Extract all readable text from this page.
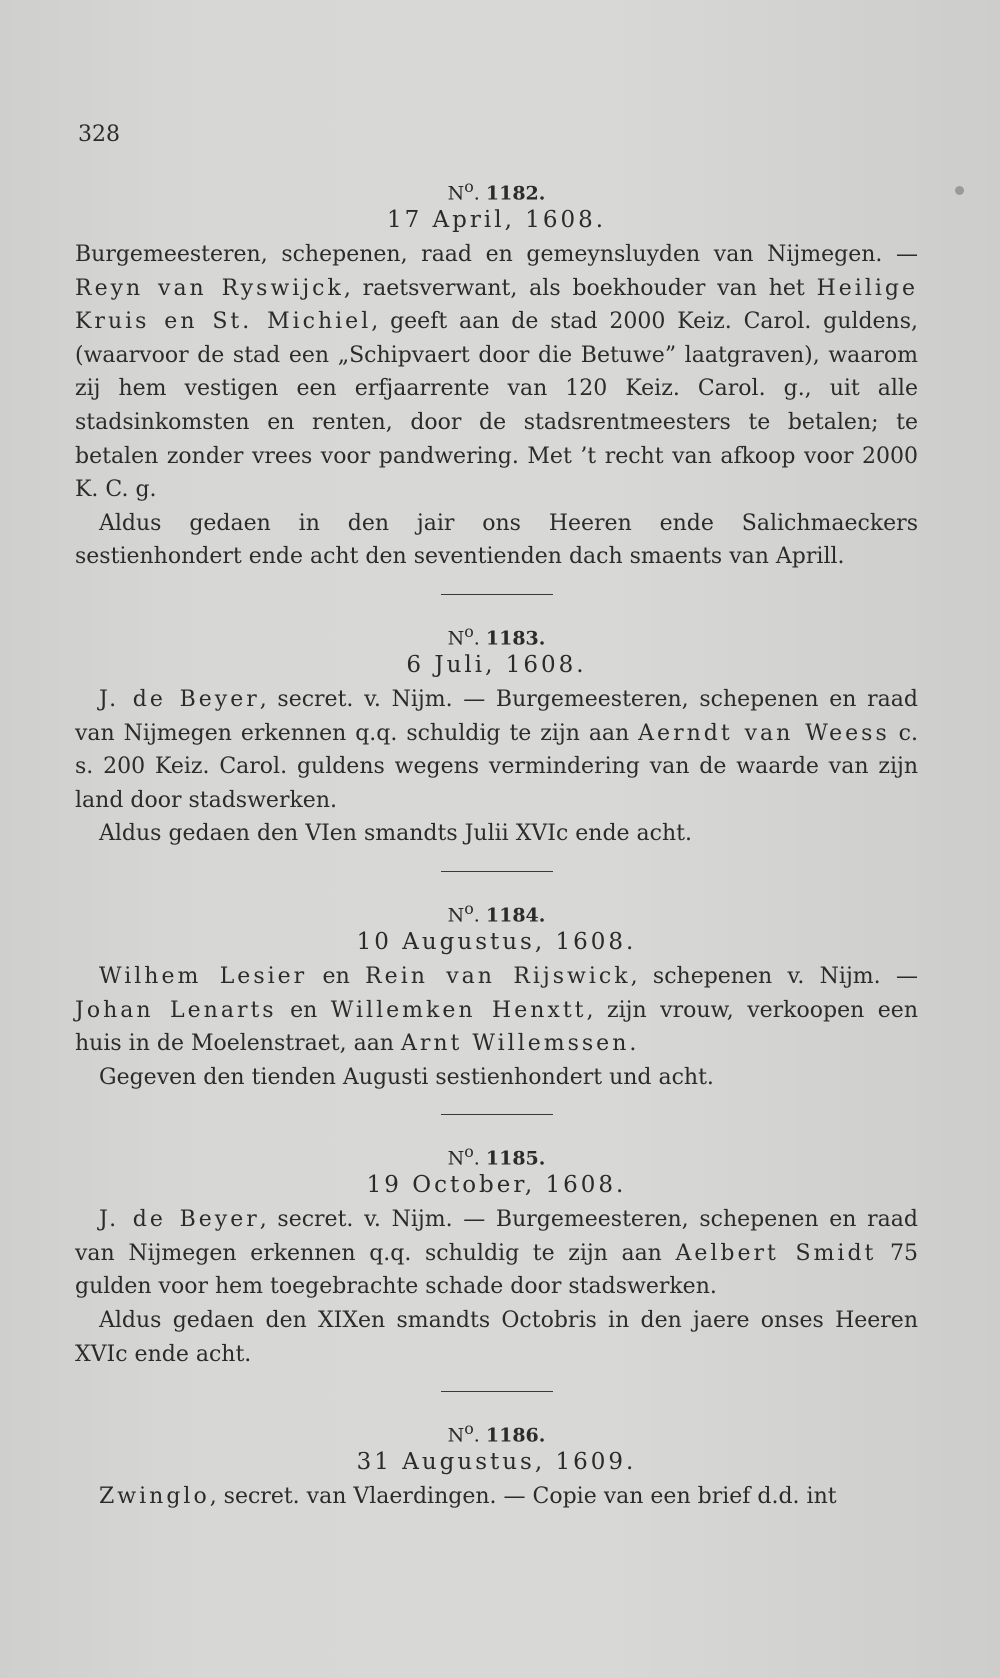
328
$N^o$. 1182.
17 April, 1608.

Burgemeesteren, schepenen, raad en gemeynsluyden van Nijmegen. — Reyn van Ryswijck, raetsverwant, als boekhouder van het Heilige Kruis en St. Michiel, geeft aan de stad 2000 Keiz. Carol. guldens, (waarvoor de stad een „Schipvaert door die Betuwe” laatgraven), waarom zij hem vestigen een erfjaarrente van 120 Keiz. Carol. g., uit alle stadsinkomsten en renten, door de stadsrentmeesters te betalen; te betalen zonder vrees voor pandwering. Met ’t recht van afkoop voor 2000 K. C. g.

Aldus gedaen in den jair ons Heeren ende Salichmaeckers sestienhondert ende acht den seventienden dach smaents van Aprill.

$N^o$. 1183.
6 Juli, 1608.

J. de Beyer, secret. v. Nijm. — Burgemeesteren, schepenen en raad van Nijmegen erkennen q.q. schuldig te zijn aan Aerndt van Weess c. s. 200 Keiz. Carol. guldens wegens vermindering van de waarde van zijn land door stadswerken.

Aldus gedaen den VIen smandts Julii XVIc ende acht.

$N^o$. 1184.
10 Augustus, 1608.

Wilhem Lesier en Rein van Rijswick, schepenen v. Nijm. — Johan Lenarts en Willemken Henxtt, zijn vrouw, verkoopen een huis in de Moelenstraet, aan Arnt Willemssen.

Gegeven den tienden Augusti sestienhondert und acht.

$N^o$. 1185.
19 October, 1608.

J. de Beyer, secret. v. Nijm. — Burgemeesteren, schepenen en raad van Nijmegen erkennen q.q. schuldig te zijn aan Aelbert Smidt 75 gulden voor hem toegebrachte schade door stadswerken.

Aldus gedaen den XIXen smandts Octobris in den jaere onses Heeren XVIc ende acht.

$N^o$. 1186.
31 Augustus, 1609.

Zwinglo, secret. van Vlaerdingen. — Copie van een brief d.d. int
